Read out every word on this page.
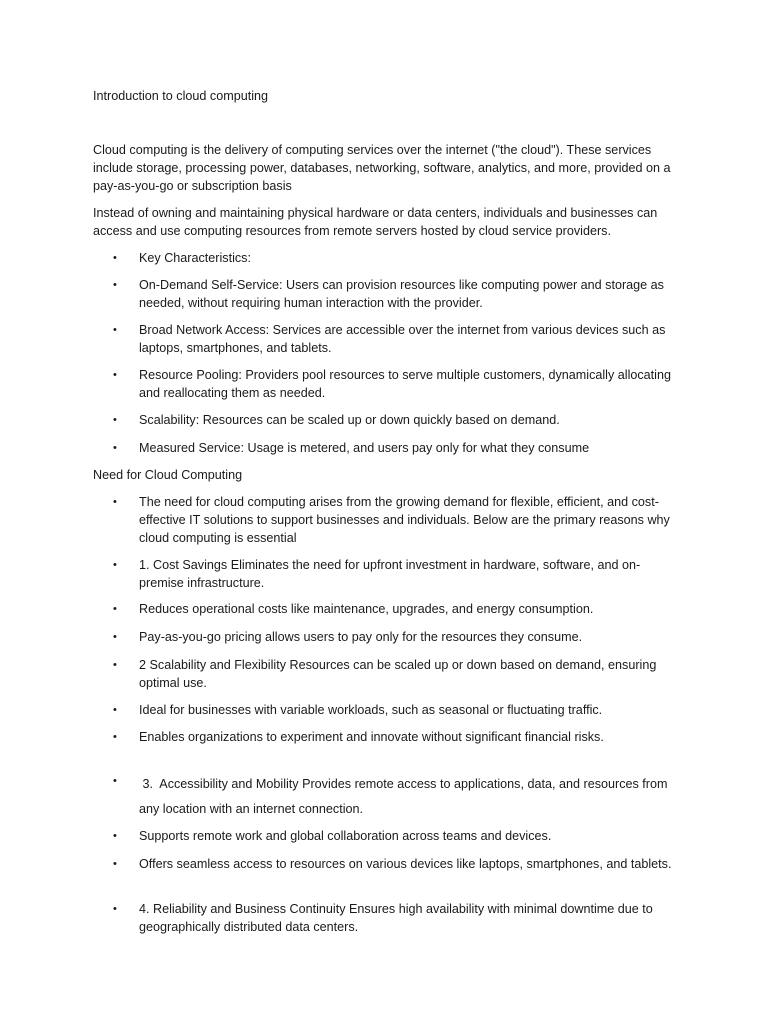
Introduction to cloud computing

Cloud computing is the delivery of computing services over the internet ("the cloud"). These services include storage, processing power, databases, networking, software, analytics, and more, provided on a pay-as-you-go or subscription basis

Instead of owning and maintaining physical hardware or data centers, individuals and businesses can access and use computing resources from remote servers hosted by cloud service providers.

•	Key Characteristics:
•	On-Demand Self-Service: Users can provision resources like computing power and storage as needed, without requiring human interaction with the provider.
•	Broad Network Access: Services are accessible over the internet from various devices such as laptops, smartphones, and tablets.
•	Resource Pooling: Providers pool resources to serve multiple customers, dynamically allocating and reallocating them as needed.
•	Scalability: Resources can be scaled up or down quickly based on demand.
•	Measured Service: Usage is metered, and users pay only for what they consume
Need for Cloud Computing
•	The need for cloud computing arises from the growing demand for flexible, efficient, and cost-effective IT solutions to support businesses and individuals. Below are the primary reasons why cloud computing is essential
•	1. Cost Savings Eliminates the need for upfront investment in hardware, software, and on-premise infrastructure.
•	Reduces operational costs like maintenance, upgrades, and energy consumption.
•	Pay-as-you-go pricing allows users to pay only for the resources they consume.
•	2 Scalability and Flexibility Resources can be scaled up or down based on demand, ensuring optimal use.
•	Ideal for businesses with variable workloads, such as seasonal or fluctuating traffic.
•	Enables organizations to experiment and innovate without significant financial risks.
•	3.  Accessibility and Mobility Provides remote access to applications, data, and resources from any location with an internet connection.
•	Supports remote work and global collaboration across teams and devices.
•	Offers seamless access to resources on various devices like laptops, smartphones, and tablets.
•	4. Reliability and Business Continuity Ensures high availability with minimal downtime due to geographically distributed data centers.
